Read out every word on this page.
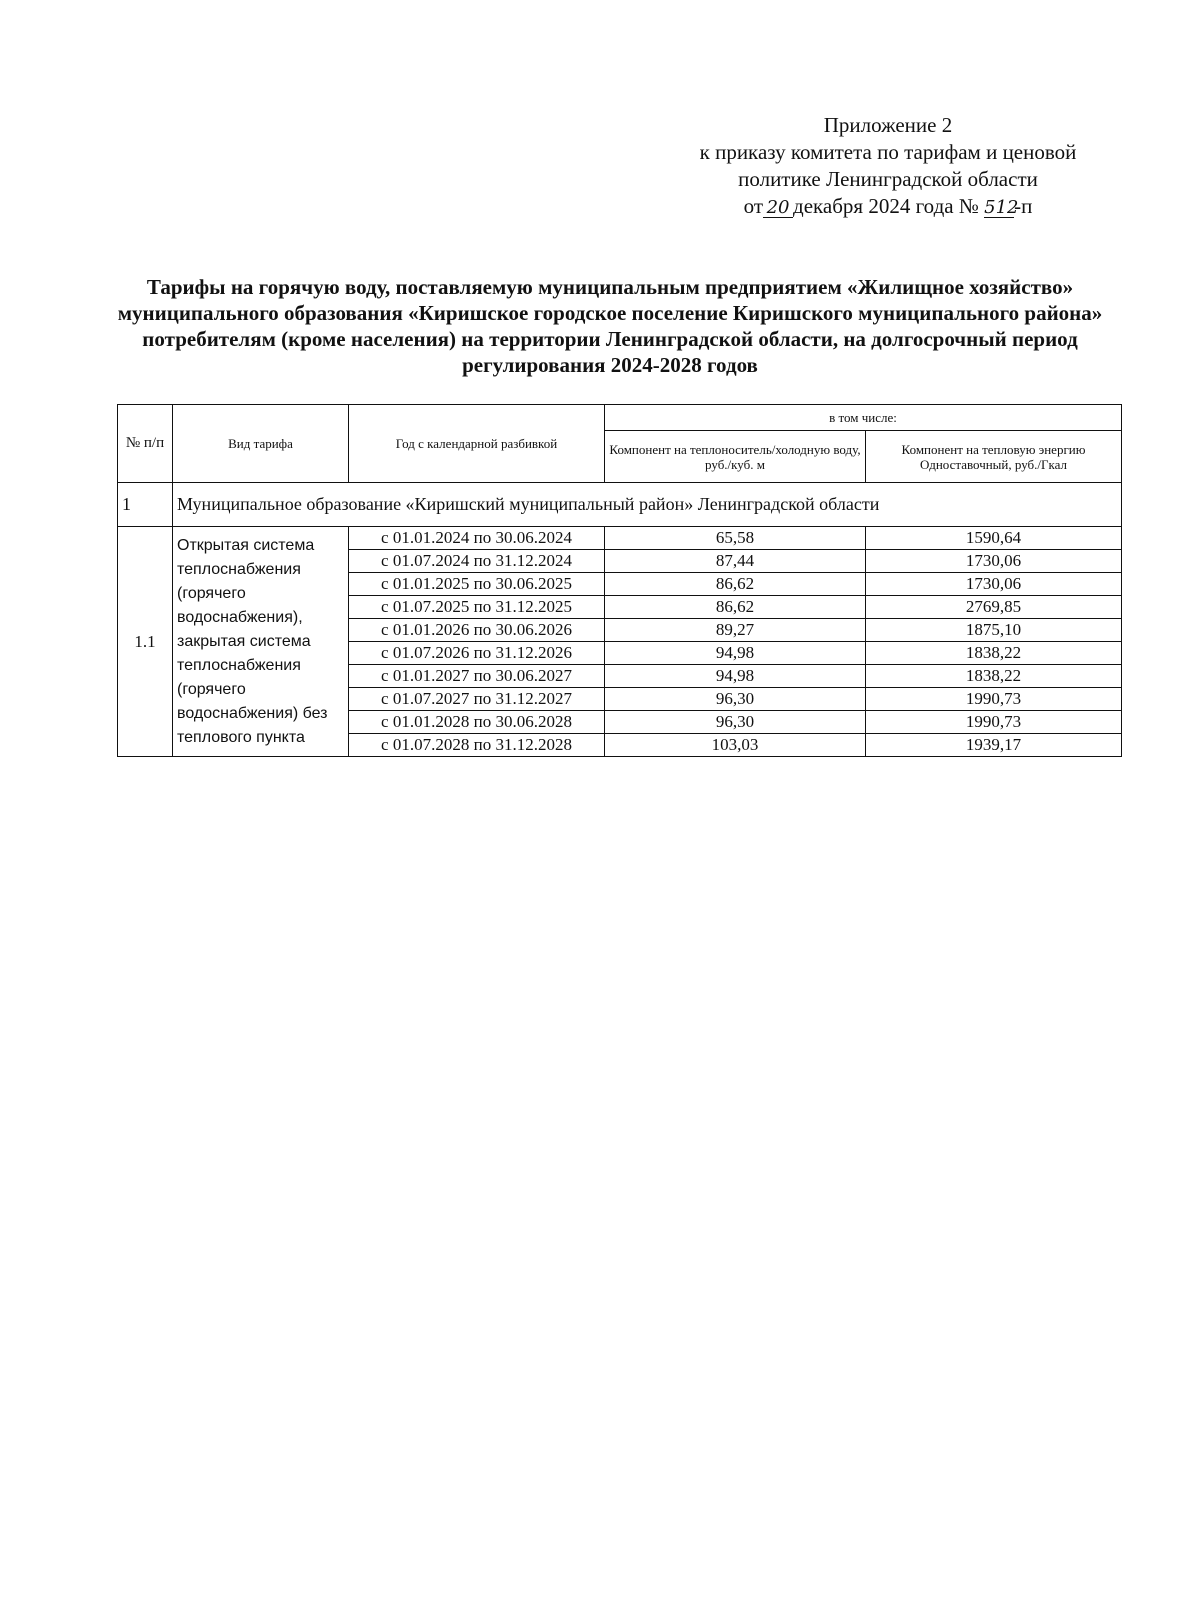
Приложение 2
к приказу комитета по тарифам и ценовой
политике Ленинградской области
от 20 декабря 2024 года № 512-п
Тарифы на горячую воду, поставляемую муниципальным предприятием «Жилищное хозяйство» муниципального образования «Киришское городское поселение Киришского муниципального района» потребителям (кроме населения) на территории Ленинградской области, на долгосрочный период регулирования 2024-2028 годов
№ п/п	Вид тарифа	Год с календарной разбивкой	в том числе:	
			Компонент на теплоноситель/холодную воду, руб./куб. м	Компонент на тепловую энергию Одноставочный, руб./Гкал
1	Муниципальное образование «Киришский муниципальный район» Ленинградской области			
1.1	Открытая система теплоснабжения (горячего водоснабжения), закрытая система теплоснабжения (горячего водоснабжения) без теплового пункта	с 01.01.2024 по 30.06.2024	65,58	1590,64
		с 01.07.2024 по 31.12.2024	87,44	1730,06
		с 01.01.2025 по 30.06.2025	86,62	1730,06
		с 01.07.2025 по 31.12.2025	86,62	2769,85
		с 01.01.2026 по 30.06.2026	89,27	1875,10
		с 01.07.2026 по 31.12.2026	94,98	1838,22
		с 01.01.2027 по 30.06.2027	94,98	1838,22
		с 01.07.2027 по 31.12.2027	96,30	1990,73
		с 01.01.2028 по 30.06.2028	96,30	1990,73
		с 01.07.2028 по 31.12.2028	103,03	1939,17
